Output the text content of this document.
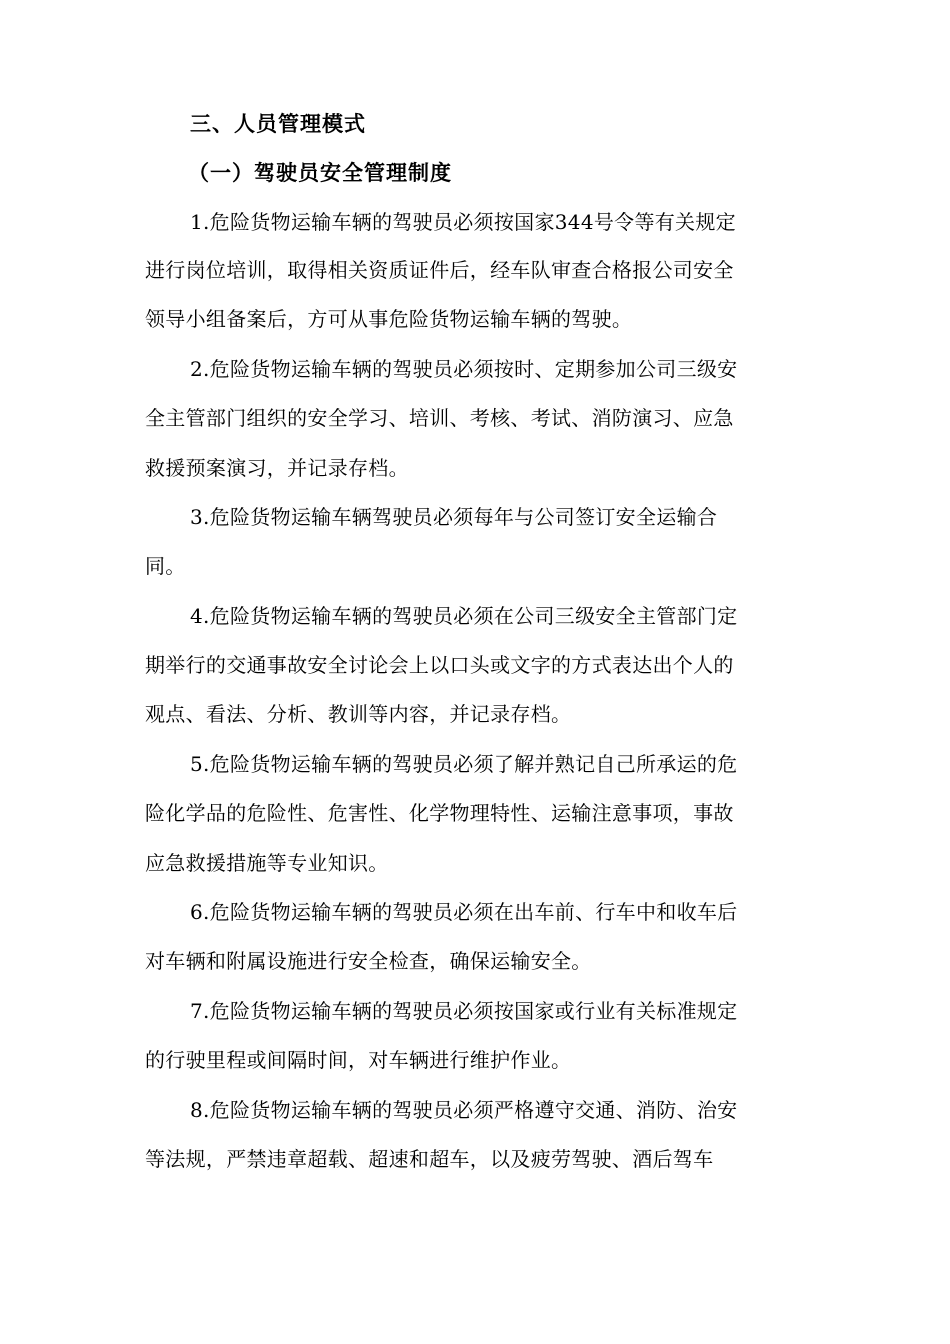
三、人员管理模式
（一）驾驶员安全管理制度
1.危险货物运输车辆的驾驶员必须按国家344号令等有关规定
进行岗位培训，取得相关资质证件后，经车队审查合格报公司安全
领导小组备案后，方可从事危险货物运输车辆的驾驶。
2.危险货物运输车辆的驾驶员必须按时、定期参加公司三级安
全主管部门组织的安全学习、培训、考核、考试、消防演习、应急
救援预案演习，并记录存档。
3.危险货物运输车辆驾驶员必须每年与公司签订安全运输合
同。
4.危险货物运输车辆的驾驶员必须在公司三级安全主管部门定
期举行的交通事故安全讨论会上以口头或文字的方式表达出个人的
观点、看法、分析、教训等内容，并记录存档。
5.危险货物运输车辆的驾驶员必须了解并熟记自己所承运的危
险化学品的危险性、危害性、化学物理特性、运输注意事项，事故
应急救援措施等专业知识。
6.危险货物运输车辆的驾驶员必须在出车前、行车中和收车后
对车辆和附属设施进行安全检查，确保运输安全。
7.危险货物运输车辆的驾驶员必须按国家或行业有关标准规定
的行驶里程或间隔时间，对车辆进行维护作业。
8.危险货物运输车辆的驾驶员必须严格遵守交通、消防、治安
等法规，严禁违章超载、超速和超车，以及疲劳驾驶、酒后驾车
